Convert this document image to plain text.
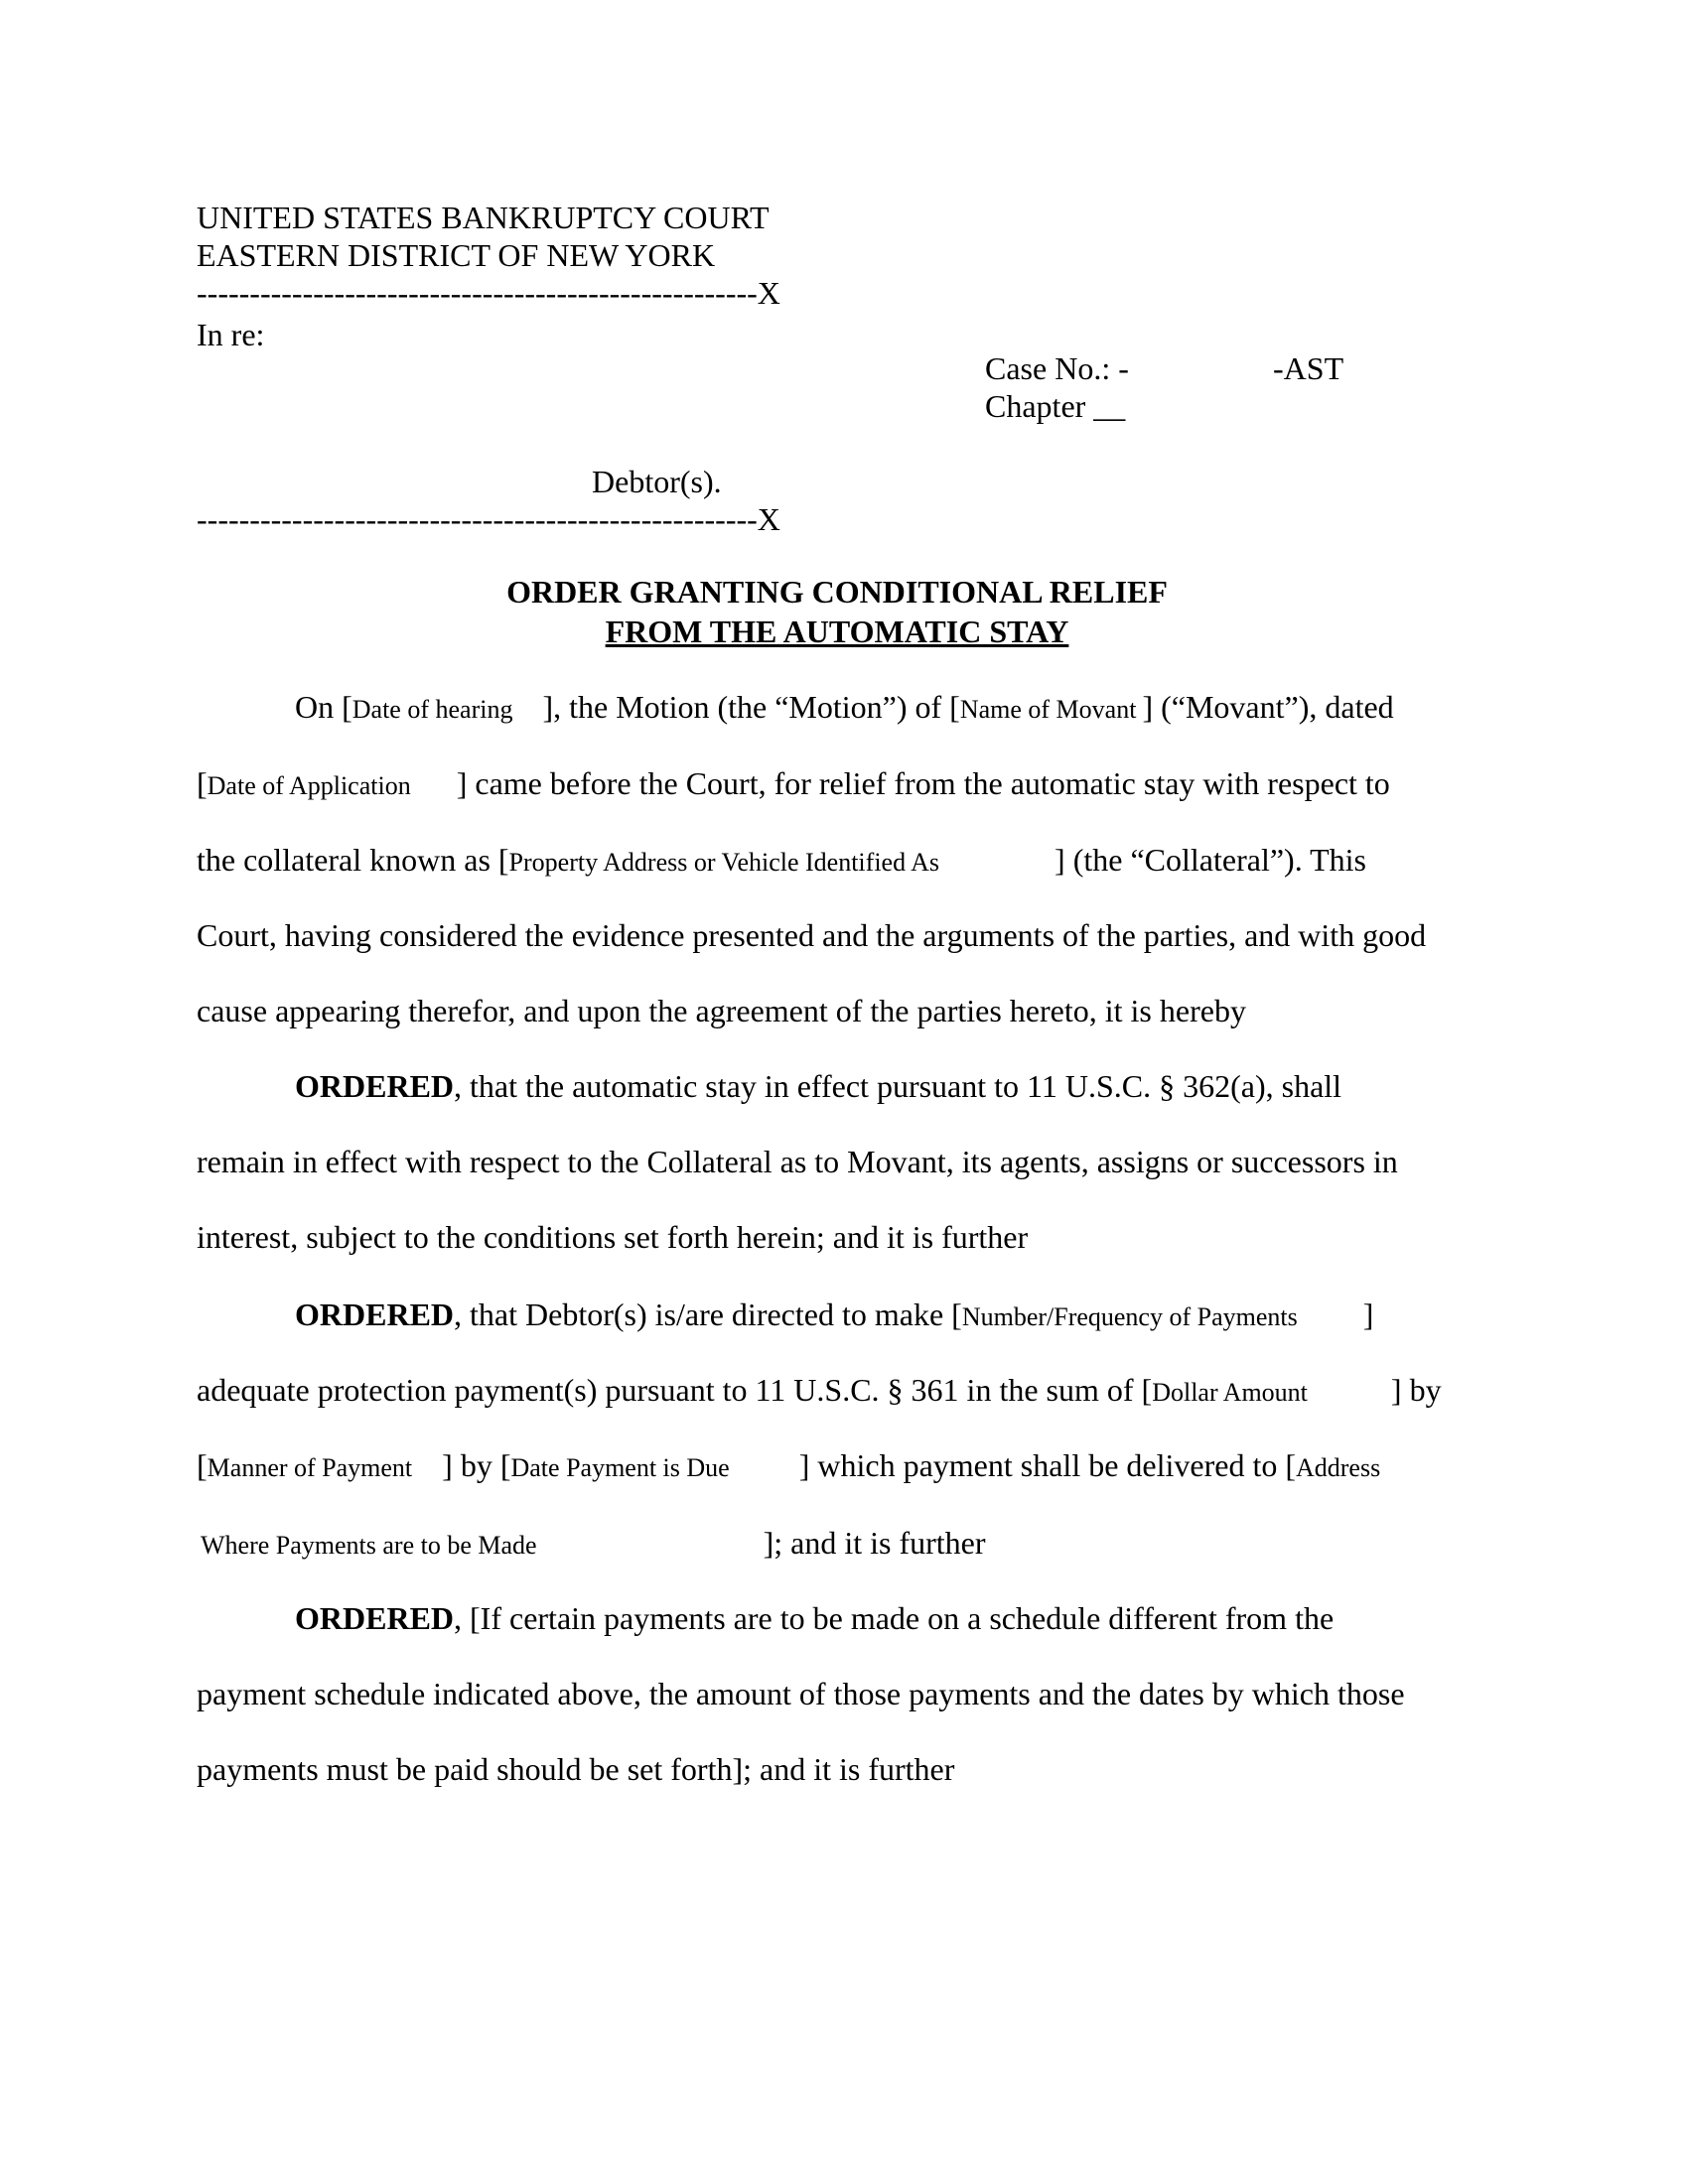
UNITED STATES BANKRUPTCY COURT
EASTERN DISTRICT OF NEW YORK
-----------------------------------------------------X
In re:
Case No.: -	-AST
Chapter __
Debtor(s).
-----------------------------------------------------X
ORDER GRANTING CONDITIONAL RELIEF
FROM THE AUTOMATIC STAY
On [Date of hearing ], the Motion (the “Motion”) of [Name of Movant ] (“Movant”), dated
[Date of Application ] came before the Court, for relief from the automatic stay with respect to
the collateral known as [Property Address or Vehicle Identified As	] (the “Collateral”). This
Court, having considered the evidence presented and the arguments of the parties, and with good
cause appearing therefor, and upon the agreement of the parties hereto, it is hereby
ORDERED, that the automatic stay in effect pursuant to 11 U.S.C. § 362(a), shall
remain in effect with respect to the Collateral as to Movant, its agents, assigns or successors in
interest, subject to the conditions set forth herein; and it is further
ORDERED, that Debtor(s) is/are directed to make [Number/Frequency of Payments ]
adequate protection payment(s) pursuant to 11 U.S.C. § 361 in the sum of [Dollar Amount	] by
[Manner of Payment ] by [Date Payment is Due ] which payment shall be delivered to [Address
Where Payments are to be Made	]; and it is further
ORDERED, [If certain payments are to be made on a schedule different from the
payment schedule indicated above, the amount of those payments and the dates by which those
payments must be paid should be set forth]; and it is further
